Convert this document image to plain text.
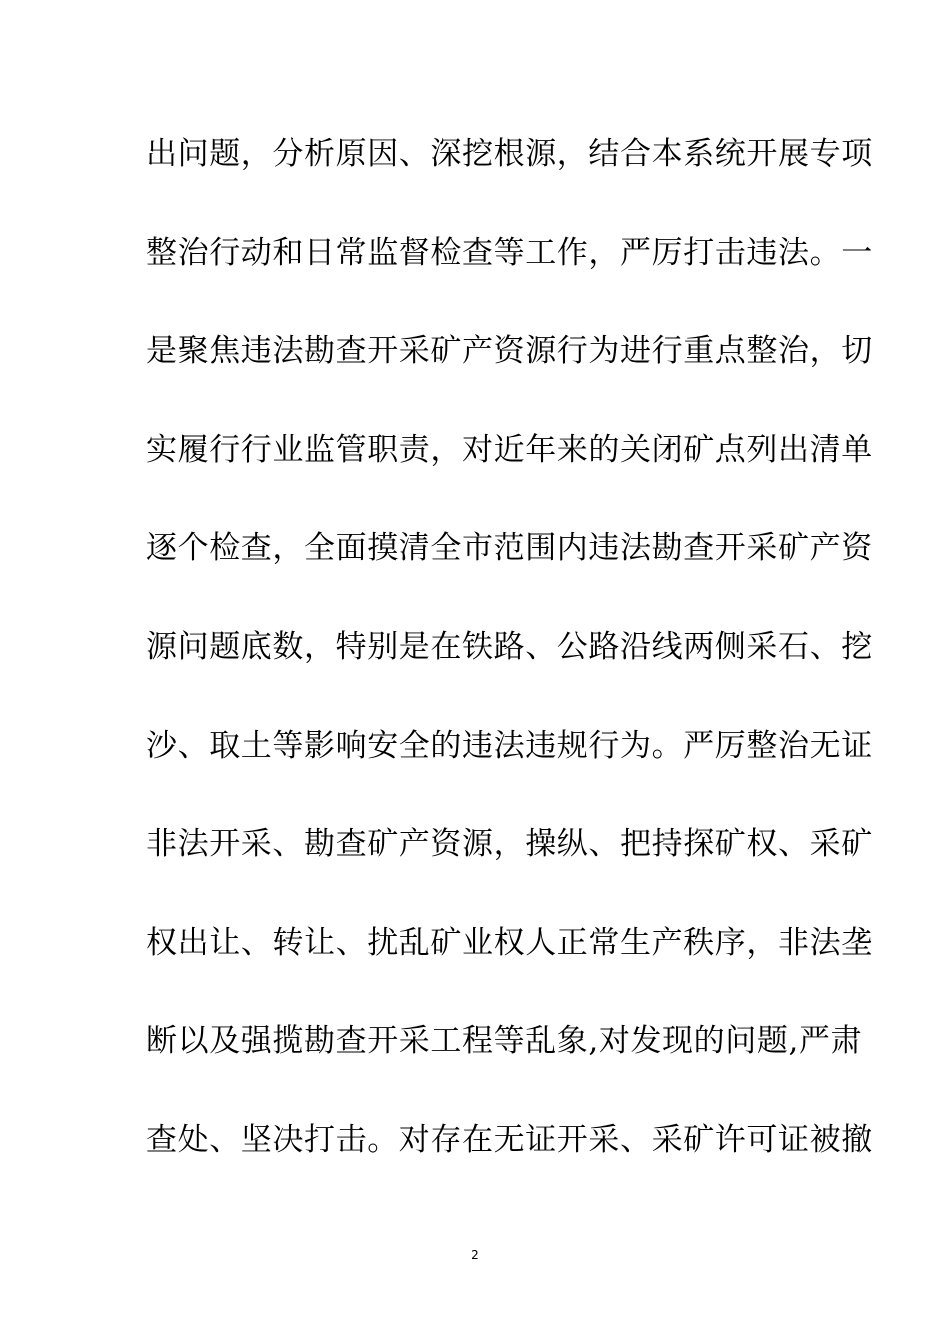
出问题，分析原因、深挖根源，结合本系统开展专项
整治行动和日常监督检查等工作，严厉打击违法。一
是聚焦违法勘查开采矿产资源行为进行重点整治，切
实履行行业监管职责，对近年来的关闭矿点列出清单
逐个检查，全面摸清全市范围内违法勘查开采矿产资
源问题底数，特别是在铁路、公路沿线两侧采石、挖
沙、取土等影响安全的违法违规行为。严厉整治无证
非法开采、勘查矿产资源，操纵、把持探矿权、采矿
权出让、转让、扰乱矿业权人正常生产秩序，非法垄
断以及强揽勘查开采工程等乱象,对发现的问题,严肃
查处、坚决打击。对存在无证开采、采矿许可证被撤
2
